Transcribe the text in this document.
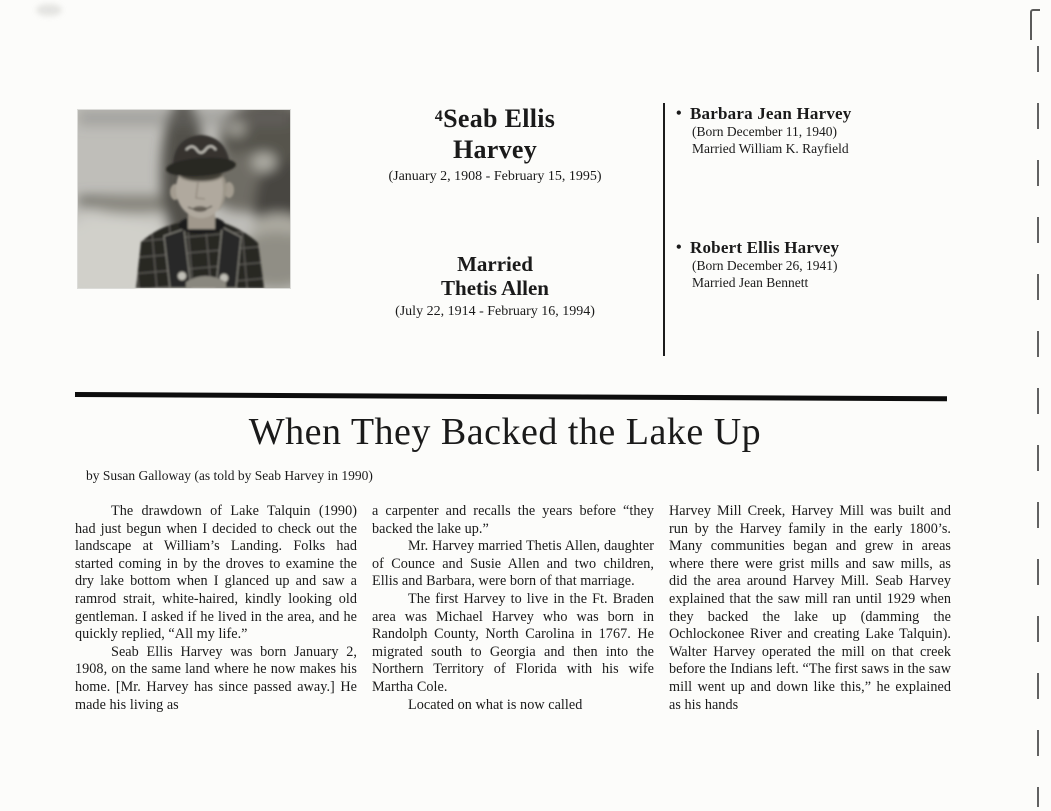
$^4$Seab Ellis
Harvey
(January 2, 1908 - February 15, 1995)
Married
Thetis Allen
(July 22, 1914 - February 16, 1994)
• Barbara Jean Harvey
(Born December 11, 1940)
Married William K. Rayfield
• Robert Ellis Harvey
(Born December 26, 1941)
Married Jean Bennett
When They Backed the Lake Up
by Susan Galloway (as told by Seab Harvey in 1990)

The drawdown of Lake Talquin (1990) had just begun when I decided to check out the landscape at William’s Landing. Folks had started coming in by the droves to examine the dry lake bottom when I glanced up and saw a ramrod strait, white-haired, kindly looking old gentleman. I asked if he lived in the area, and he quickly replied, “All my life.”

Seab Ellis Harvey was born January 2, 1908, on the same land where he now makes his home. [Mr. Harvey has since passed away.] He made his living as

a carpenter and recalls the years before “they backed the lake up.”

Mr. Harvey married Thetis Allen, daughter of Counce and Susie Allen and two children, Ellis and Barbara, were born of that marriage.

The first Harvey to live in the Ft. Braden area was Michael Harvey who was born in Randolph County, North Carolina in 1767. He migrated south to Georgia and then into the Northern Territory of Florida with his wife Martha Cole.

Located on what is now called

Harvey Mill Creek, Harvey Mill was built and run by the Harvey family in the early 1800’s. Many communities began and grew in areas where there were grist mills and saw mills, as did the area around Harvey Mill. Seab Harvey explained that the saw mill ran until 1929 when they backed the lake up (damming the Ochlockonee River and creating Lake Talquin). Walter Harvey operated the mill on that creek before the Indians left. “The first saws in the saw mill went up and down like this,” he explained as his hands
